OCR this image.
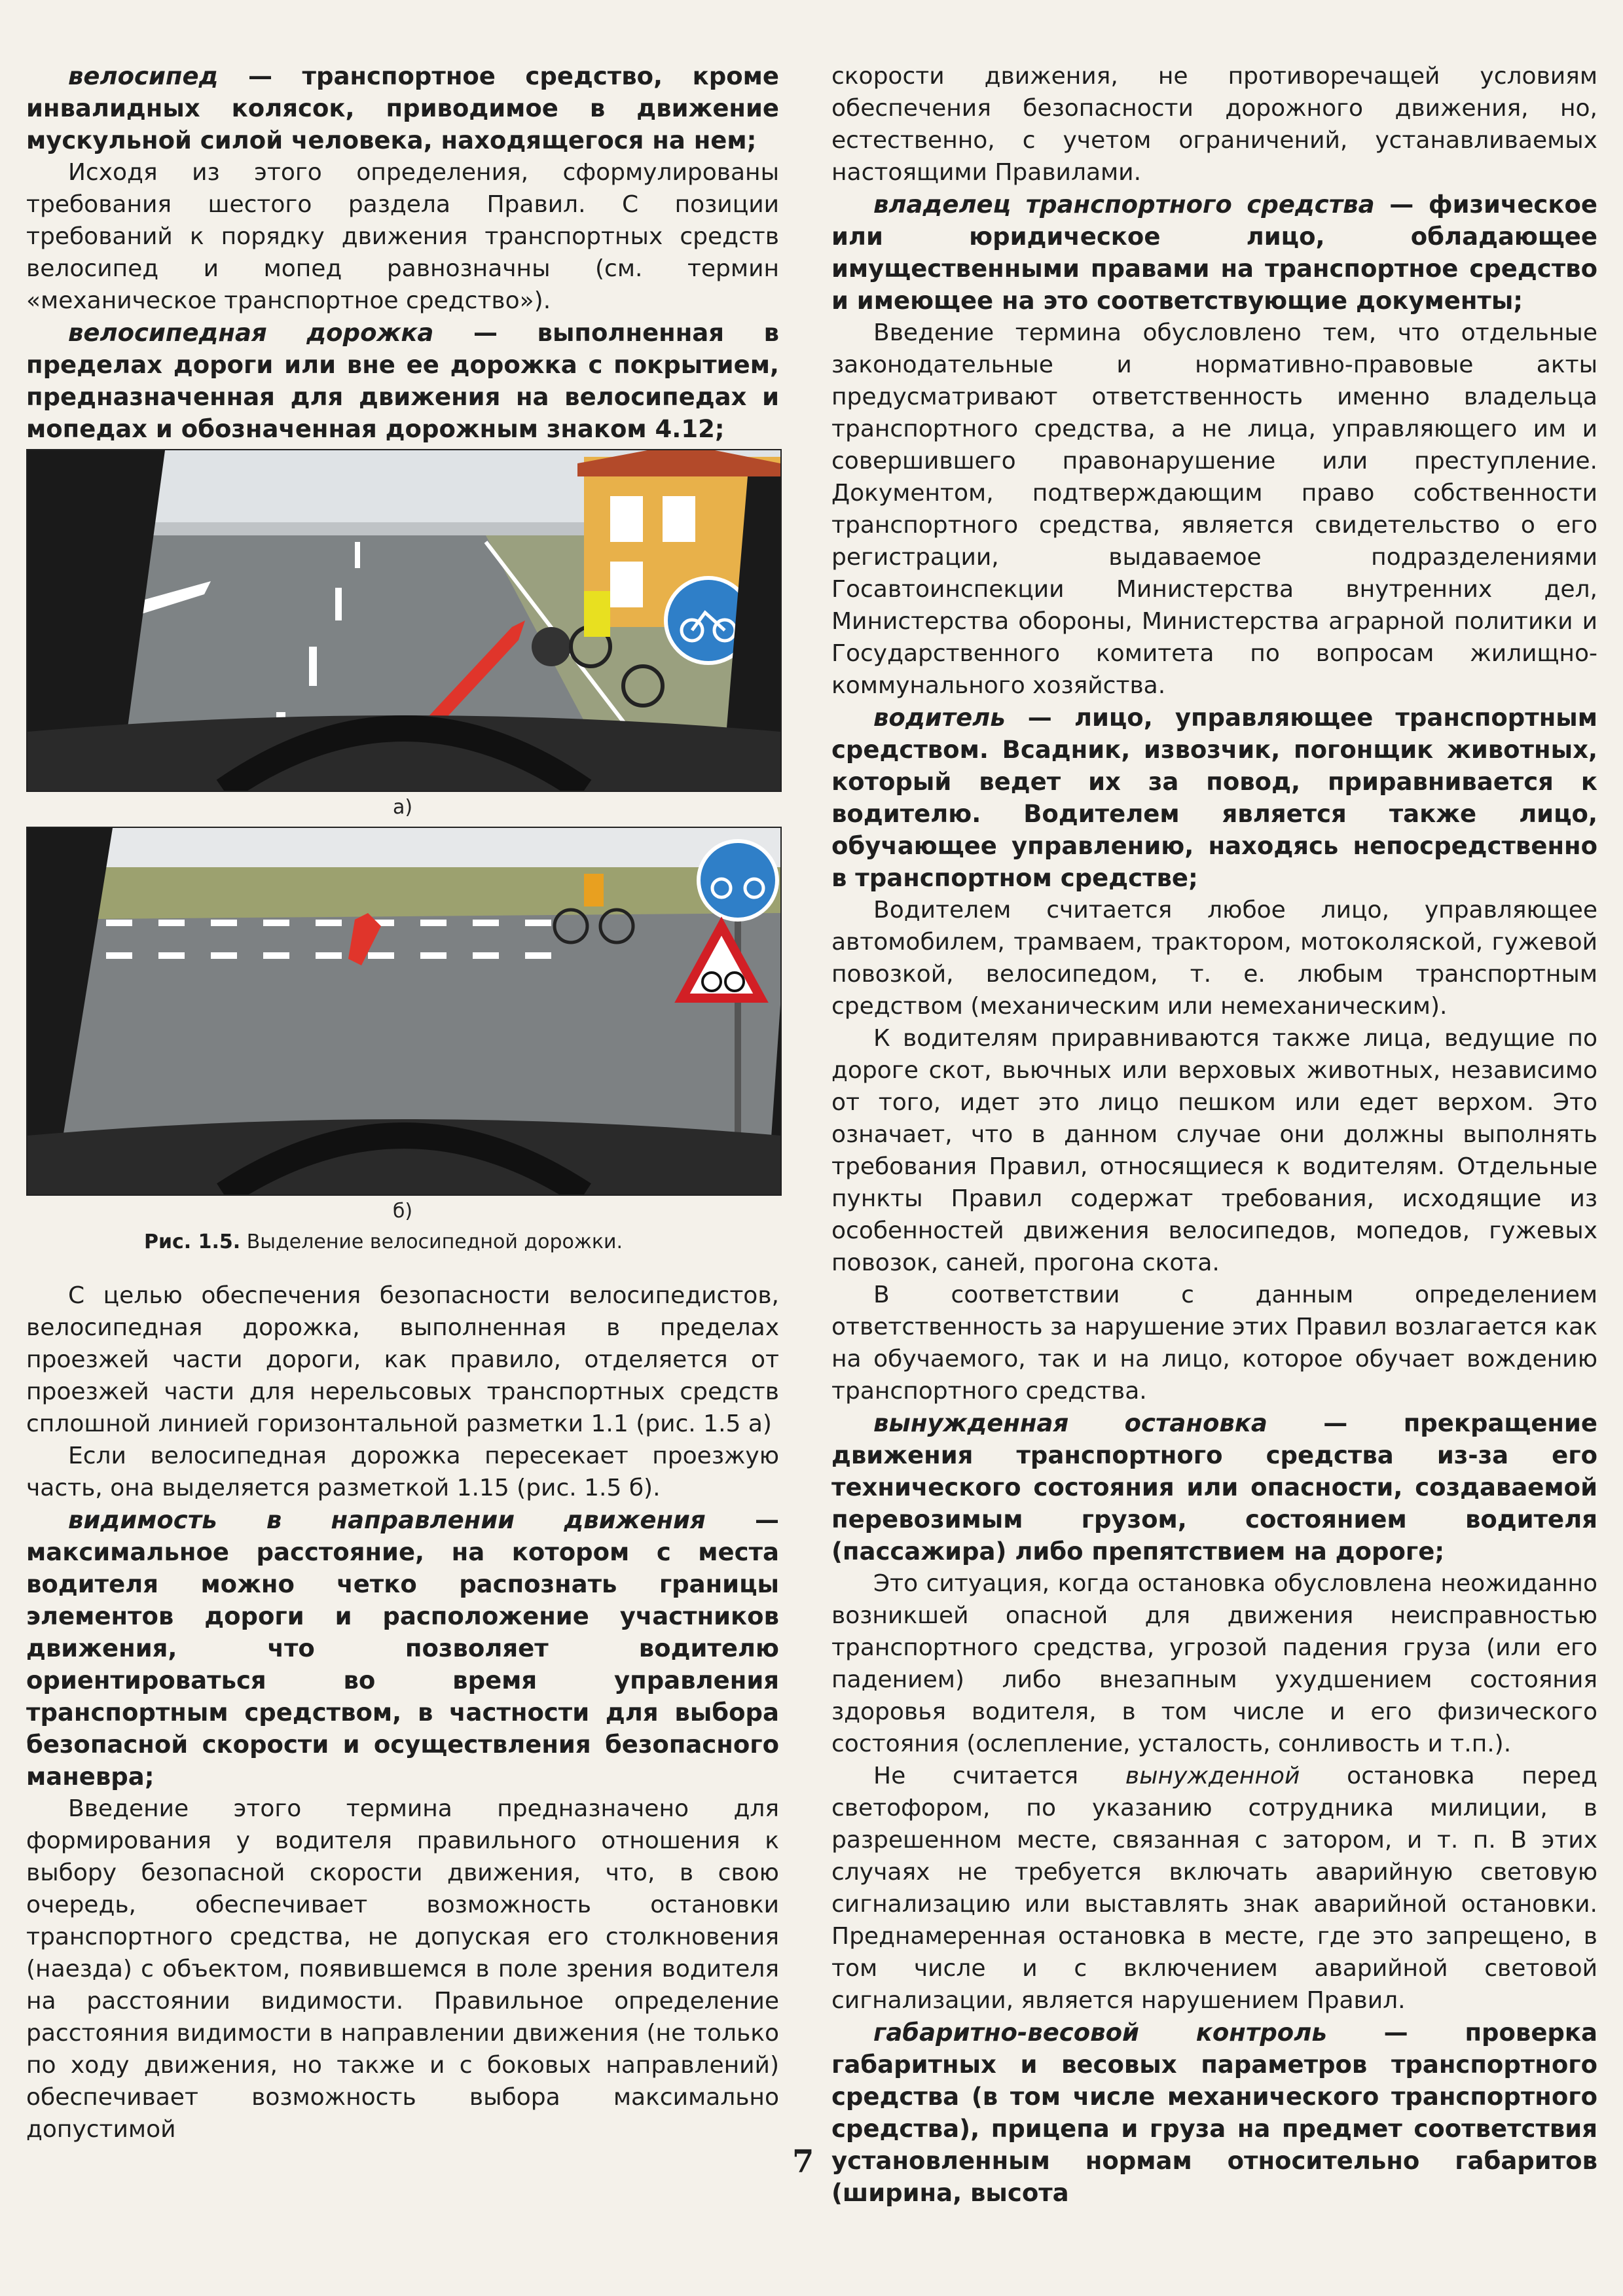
велосипед — транспортное средство, кроме инвалидных колясок, приводимое в движение мускульной силой человека, находящегося на нем;

Исходя из этого определения, сформулированы требования шестого раздела Правил. С позиции требований к порядку движения транспортных средств велосипед и мопед равнозначны (см. термин «механическое транспортное средство»).

велосипедная дорожка — выполненная в пределах дороги или вне ее дорожка с покрытием, предназначенная для движения на велосипедах и мопедах и обозначенная дорожным знаком 4.12;

а)
б)

Рис. 1.5. Выделение велосипедной дорожки.

С целью обеспечения безопасности велосипедистов, велосипедная дорожка, выполненная в пределах проезжей части дороги, как правило, отделяется от проезжей части для нерельсовых транспортных средств сплошной линией горизонтальной разметки 1.1 (рис. 1.5 а)

Если велосипедная дорожка пересекает проезжую часть, она выделяется разметкой 1.15 (рис. 1.5 б).

видимость в направлении движения — максимальное расстояние, на котором с места водителя можно четко распознать границы элементов дороги и расположение участников движения, что позволяет водителю ориентироваться во время управления транспортным средством, в частности для выбора безопасной скорости и осуществления безопасного маневра;

Введение этого термина предназначено для формирования у водителя правильного отношения к выбору безопасной скорости движения, что, в свою очередь, обеспечивает возможность остановки транспортного средства, не допуская его столкновения (наезда) с объектом, появившемся в поле зрения водителя на расстоянии видимости. Правильное определение расстояния видимости в направлении движения (не только по ходу движения, но также и с боковых направлений) обеспечивает возможность выбора максимально допустимой

скорости движения, не противоречащей условиям обеспечения безопасности дорожного движения, но, естественно, с учетом ограничений, устанавливаемых настоящими Правилами.

владелец транспортного средства — физическое или юридическое лицо, обладающее имущественными правами на транспортное средство и имеющее на это соответствующие документы;

Введение термина обусловлено тем, что отдельные законодательные и нормативно-правовые акты предусматривают ответственность именно владельца транспортного средства, а не лица, управляющего им и совершившего правонарушение или преступление. Документом, подтверждающим право собственности транспортного средства, является свидетельство о его регистрации, выдаваемое подразделениями Госавтоинспекции Министерства внутренних дел, Министерства обороны, Министерства аграрной политики и Государственного комитета по вопросам жилищно-коммунального хозяйства.

водитель — лицо, управляющее транспортным средством. Всадник, извозчик, погонщик животных, который ведет их за повод, приравнивается к водителю. Водителем является также лицо, обучающее управлению, находясь непосредственно в транспортном средстве;

Водителем считается любое лицо, управляющее автомобилем, трамваем, трактором, мотоколяской, гужевой повозкой, велосипедом, т. е. любым транспортным средством (механическим или немеханическим).

К водителям приравниваются также лица, ведущие по дороге скот, вьючных или верховых животных, независимо от того, идет это лицо пешком или едет верхом. Это означает, что в данном случае они должны выполнять требования Правил, относящиеся к водителям. Отдельные пункты Правил содержат требования, исходящие из особенностей движения велосипедов, мопедов, гужевых повозок, саней, прогона скота.

В соответствии с данным определением ответственность за нарушение этих Правил возлагается как на обучаемого, так и на лицо, которое обучает вождению транспортного средства.

вынужденная остановка — прекращение движения транспортного средства из-за его технического состояния или опасности, создаваемой перевозимым грузом, состоянием водителя (пассажира) либо препятствием на дороге;

Это ситуация, когда остановка обусловлена неожиданно возникшей опасной для движения неисправностью транспортного средства, угрозой падения груза (или его падением) либо внезапным ухудшением состояния здоровья водителя, в том числе и его физического состояния (ослепление, усталость, сонливость и т.п.).

Не считается вынужденной остановка перед светофором, по указанию сотрудника милиции, в разрешенном месте, связанная с затором, и т. п. В этих случаях не требуется включать аварийную световую сигнализацию или выставлять знак аварийной остановки. Преднамеренная остановка в месте, где это запрещено, в том числе и с включением аварийной световой сигнализации, является нарушением Правил.

габаритно-весовой контроль — проверка габаритных и весовых параметров транспортного средства (в том числе механического транспортного средства), прицепа и груза на предмет соответствия установленным нормам относительно габаритов (ширина, высота

7
